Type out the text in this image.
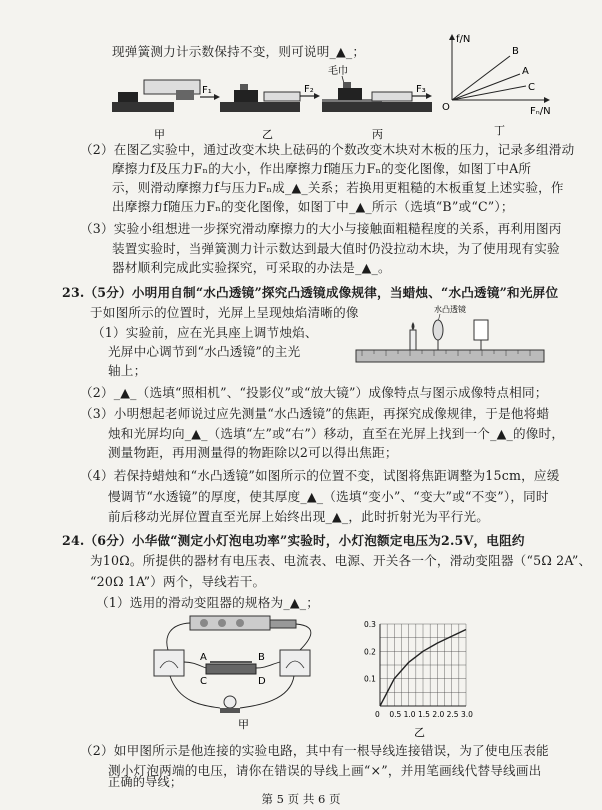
现弹簧测力计示数保持不变，则可说明_▲_；
F₁
甲
F₂
乙
毛巾
F₃
丙
f/N
Fₙ/N
O
B
A
C
丁
（2）在图乙实验中，通过改变木块上砝码的个数改变木块对木板的压力，记录多组滑动
摩擦力f及压力Fₙ的大小，作出摩擦力f随压力Fₙ的变化图像，如图丁中A所
示，则滑动摩擦力f与压力Fₙ成_▲_关系；若换用更粗糙的木板重复上述实验，作
出摩擦力f随压力Fₙ的变化图像，如图丁中_▲_所示（选填“B”或“C”）；
（3）实验小组想进一步探究滑动摩擦力的大小与接触面粗糙程度的关系，再利用图丙
装置实验时，当弹簧测力计示数达到最大值时仍没拉动木块，为了使用现有实验
器材顺利完成此实验探究，可采取的办法是_▲_。
23.（5分）小明用自制“水凸透镜”探究凸透镜成像规律，当蜡烛、“水凸透镜”和光屏位
于如图所示的位置时，光屏上呈现烛焰清晰的像
（1）实验前，应在光具座上调节烛焰、
光屏中心调节到“水凸透镜”的主光
轴上；
水凸透镜
（2）_▲_（选填“照相机”、“投影仪”或“放大镜”）成像特点与图示成像特点相同；
（3）小明想起老师说过应先测量“水凸透镜”的焦距，再探究成像规律，于是他将蜡
烛和光屏均向_▲_（选填“左”或“右”）移动，直至在光屏上找到一个_▲_的像时，
测量物距，再用测量得的物距除以2可以得出焦距；
（4）若保持蜡烛和“水凸透镜”如图所示的位置不变，试图将焦距调整为15cm，应缓
慢调节“水透镜”的厚度，使其厚度_▲_（选填“变小”、“变大”或“不变”），同时
前后移动光屏位置直至光屏上始终出现_▲_，此时折射光为平行光。
24.（6分）小华做“测定小灯泡电功率”实验时，小灯泡额定电压为2.5V，电阻约
为10Ω。所提供的器材有电压表、电流表、电源、开关各一个，滑动变阻器（“5Ω 2A”、
“20Ω 1A”）两个，导线若干。
（1）选用的滑动变阻器的规格为_▲_；
A	B
C	D
甲
0 0.5 1.0 1.5 2.0 2.5 3.0
0.1
0.2
0.3
乙
（2）如甲图所示是他连接的实验电路，其中有一根导线连接错误，为了使电压表能
测小灯泡两端的电压，请你在错误的导线上画“×”，并用笔画线代替导线画出
第 5 页 共 6 页
正确的导线；
